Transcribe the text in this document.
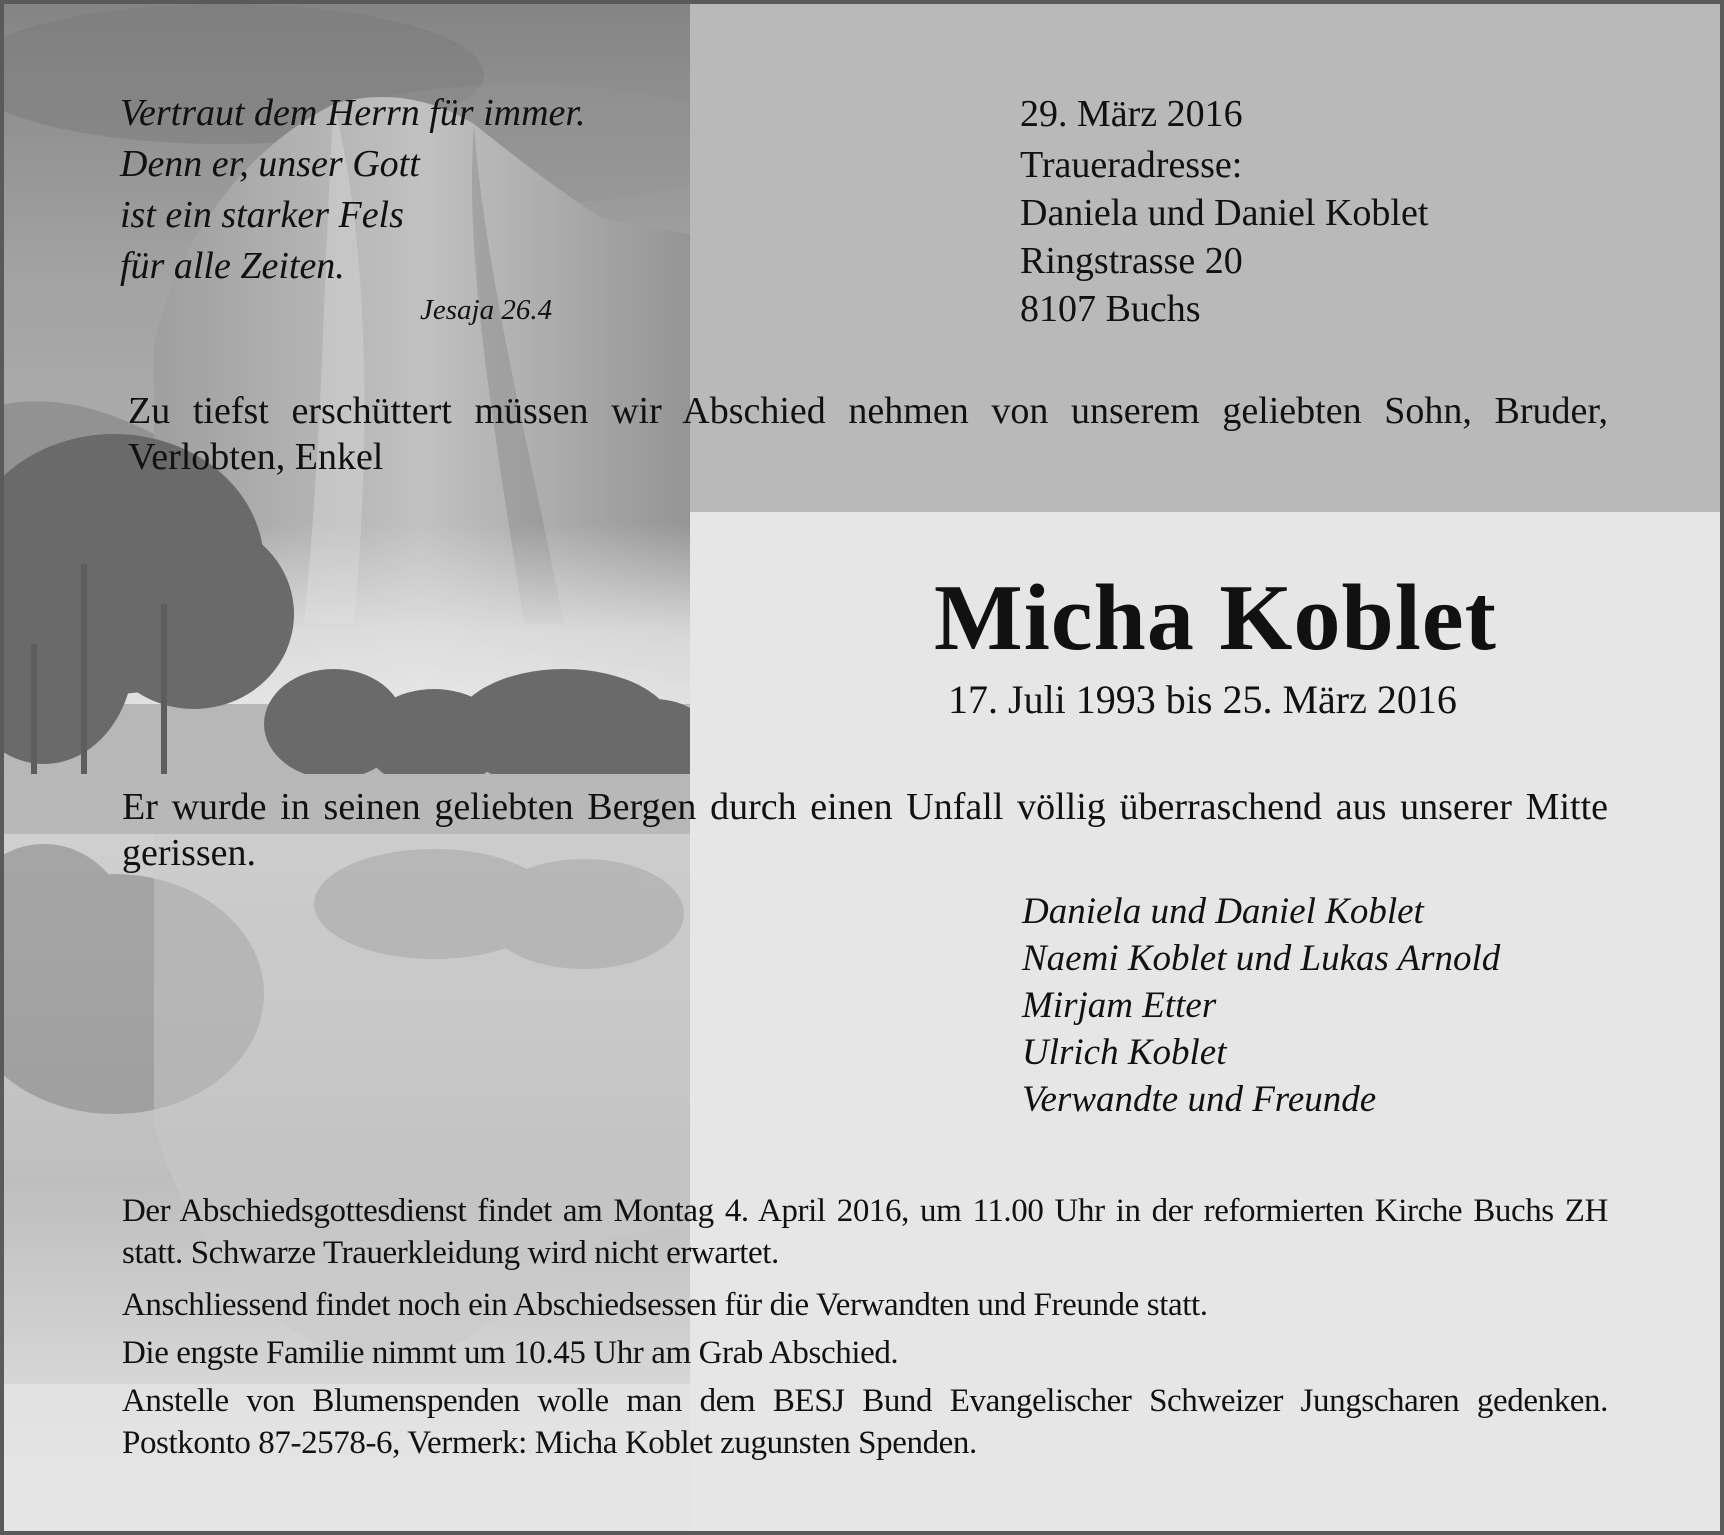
Vertraut dem Herrn für immer.
Denn er, unser Gott
ist ein starker Fels
für alle Zeiten.
Jesaja 26.4
29. März 2016
Traueradresse:
Daniela und Daniel Koblet
Ringstrasse 20
8107 Buchs

Zu tiefst erschüttert müssen wir Abschied nehmen von unserem geliebten Sohn, Bruder, Verlobten, Enkel

Micha Koblet
17. Juli 1993 bis 25. März 2016

Er wurde in seinen geliebten Bergen durch einen Unfall völlig überraschend aus unserer Mitte gerissen.

Daniela und Daniel Koblet
Naemi Koblet und Lukas Arnold
Mirjam Etter
Ulrich Koblet
Verwandte und Freunde

Der Abschiedsgottesdienst findet am Montag 4. April 2016, um 11.00 Uhr in der reformierten Kirche Buchs ZH statt. Schwarze Trauerkleidung wird nicht erwartet.

Anschliessend findet noch ein Abschiedsessen für die Verwandten und Freunde statt.

Die engste Familie nimmt um 10.45 Uhr am Grab Abschied.

Anstelle von Blumenspenden wolle man dem BESJ Bund Evangelischer Schweizer Jungscharen gedenken. Postkonto 87-2578-6, Vermerk: Micha Koblet zugunsten Spenden.
